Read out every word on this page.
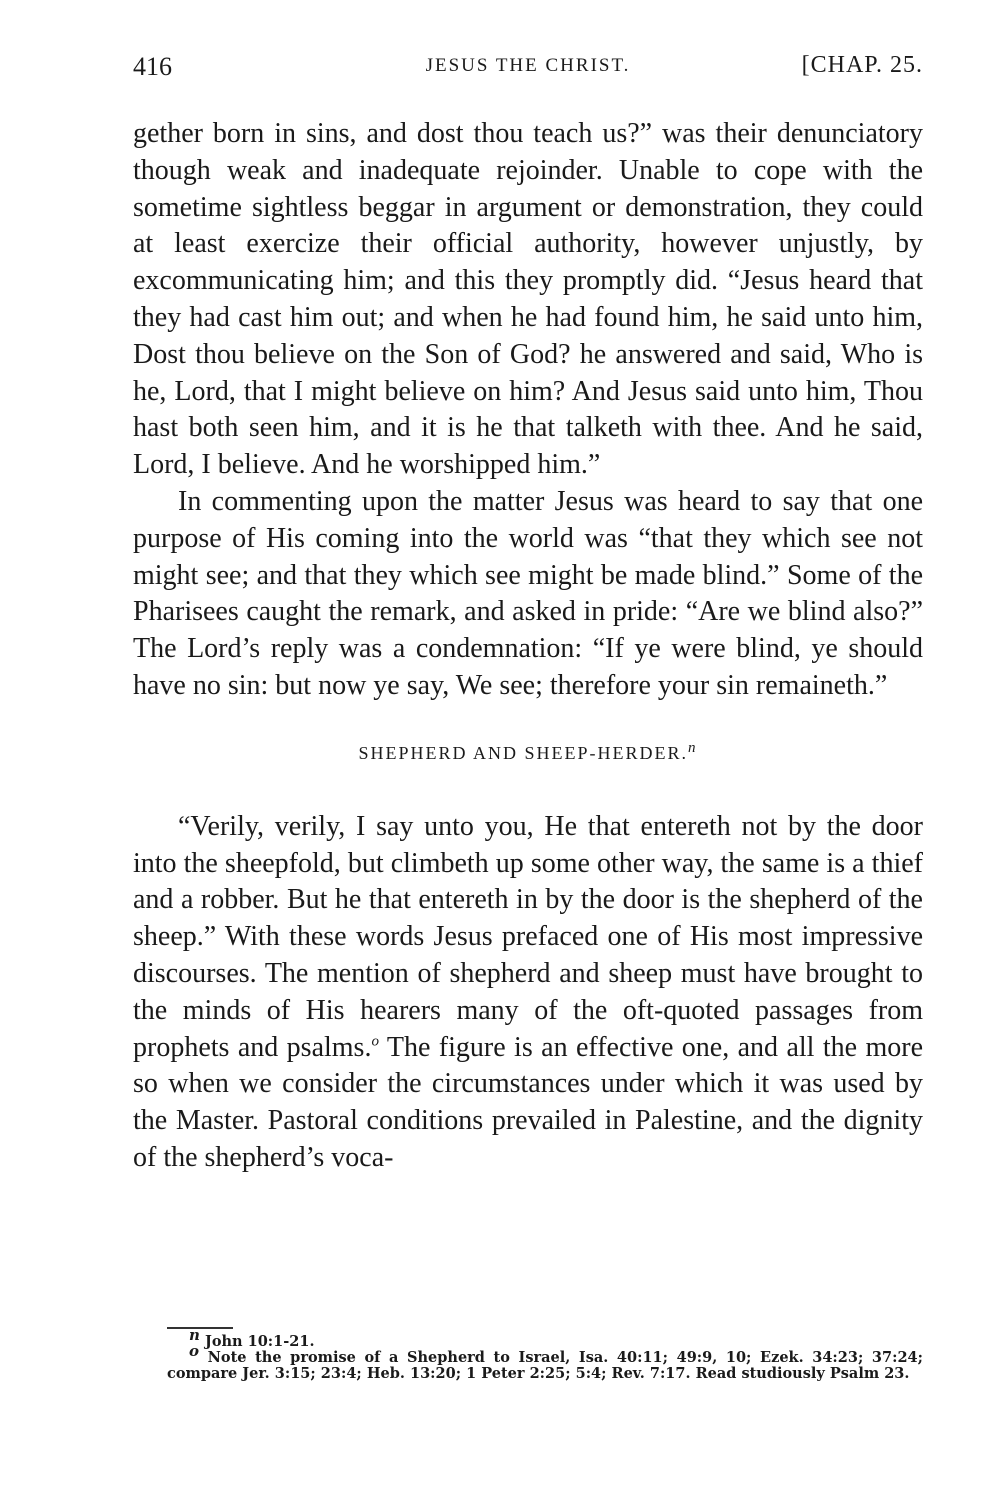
416	JESUS THE CHRIST.	[CHAP. 25.

gether born in sins, and dost thou teach us?” was their denunciatory though weak and inadequate rejoinder. Unable to cope with the sometime sightless beggar in argument or demonstration, they could at least exercize their official authority, however unjustly, by excommunicating him; and this they promptly did. “Jesus heard that they had cast him out; and when he had found him, he said unto him, Dost thou believe on the Son of God? he answered and said, Who is he, Lord, that I might believe on him? And Jesus said unto him, Thou hast both seen him, and it is he that talketh with thee. And he said, Lord, I believe. And he worshipped him.”

In commenting upon the matter Jesus was heard to say that one purpose of His coming into the world was “that they which see not might see; and that they which see might be made blind.” Some of the Pharisees caught the remark, and asked in pride: “Are we blind also?” The Lord’s reply was a condemnation: “If ye were blind, ye should have no sin: but now ye say, We see; therefore your sin remaineth.”

SHEPHERD AND SHEEP-HERDER.$^n$

“Verily, verily, I say unto you, He that entereth not by the door into the sheepfold, but climbeth up some other way, the same is a thief and a robber. But he that entereth in by the door is the shepherd of the sheep.” With these words Jesus prefaced one of His most impressive discourses. The mention of shepherd and sheep must have brought to the minds of His hearers many of the oft-quoted passages from prophets and psalms.$^o$ The figure is an effective one, and all the more so when we consider the circumstances under which it was used by the Master. Pastoral conditions prevailed in Palestine, and the dignity of the shepherd’s voca-

n John 10:1-21.

o Note the promise of a Shepherd to Israel, Isa. 40:11; 49:9, 10; Ezek. 34:23; 37:24; compare Jer. 3:15; 23:4; Heb. 13:20; 1 Peter 2:25; 5:4; Rev. 7:17. Read studiously Psalm 23.
